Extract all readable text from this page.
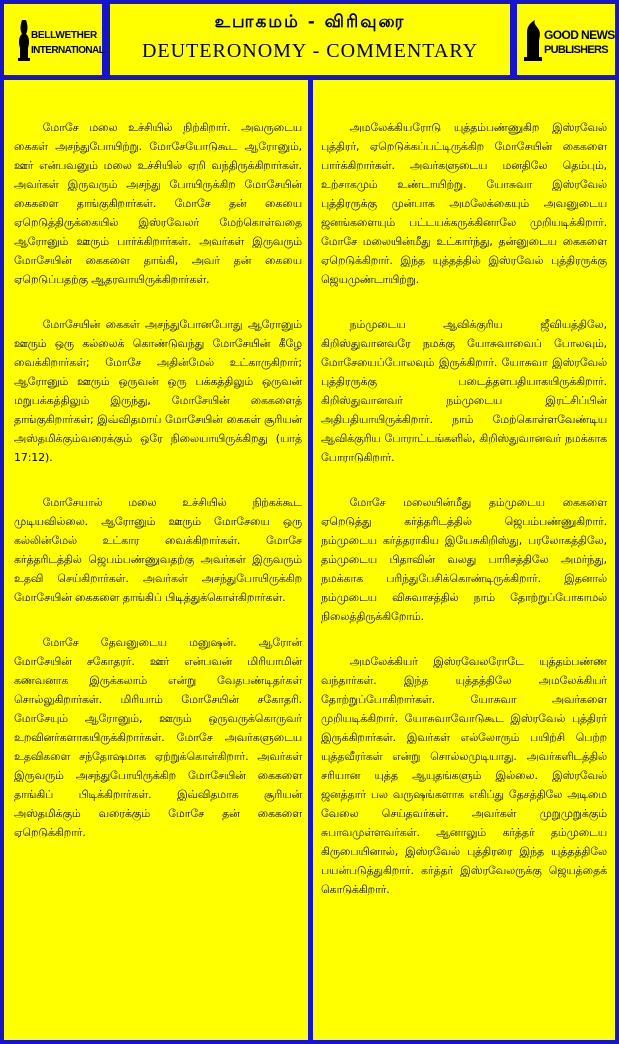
BELLWETHER
INTERNATIONAL
உபாகமம் - விரிவுரை
DEUTERONOMY - COMMENTARY
GOOD NEWS
PUBLISHERS

மோசே மலை உச்சியில் நிற்கிறார். அவருடைய கைகள் அசந்துபோயிற்று. மோசேயோடுகூட ஆரோனும், ஊர் என்பவனும் மலை உச்சியில் ஏறி வந்திருக்கிறார்கள். அவர்கள் இருவரும் அசந்து போயிருக்கிற மோசேயின் கைகளை தாங்குகிறார்கள். மோசே தன் கையை ஏறெடுத்திருக்கையில் இஸ்ரவேலர் மேற்கொள்வதை ஆரோனும் ஊரும் பார்க்கிறார்கள். அவர்கள் இருவரும் மோசேயின் கைகளை தாங்கி, அவர் தன் கையை ஏறெடுப்பதற்கு ஆதரவாயிருக்கிறார்கள்.

மோசேயின் கைகள் அசந்துபோனபோது ஆரோனும் ஊரும் ஒரு கல்லைக் கொண்டுவந்து மோசேயின் கீழே வைக்கிறார்கள்; மோசே அதின்மேல் உட்காருகிறார்; ஆரோனும் ஊரும் ஒருவன் ஒரு பக்கத்திலும் ஒருவன் மறுபக்கத்திலும் இருந்து, மோசேயின் கைகளைத் தாங்குகிறார்கள்; இவ்விதமாய் மோசேயின் கைகள் சூரியன் அஸ்தமிக்கும்வரைக்கும் ஒரே நிலையாயிருக்கிறது (யாத் 17:12).

மோசேயால் மலை உச்சியில் நிற்கக்கூட முடியவில்லை. ஆரோனும் ஊரும் மோசேயை ஒரு கல்லின்மேல் உட்கார வைக்கிறார்கள். மோசே கர்த்தரிடத்தில் ஜெபம்பண்ணுவதற்கு அவர்கள் இருவரும் உதவி செய்கிறார்கள். அவர்கள் அசந்துபோயிருக்கிற மோசேயின் கைகளை தாங்கிப் பிடித்துக்கொள்கிறார்கள்.

மோசே தேவனுடைய மனுஷன். ஆரோன் மோசேயின் சகோதரர். ஊர் என்பவன் மிரியாமின் கணவனாக இருக்கலாம் என்று வேதபண்டிதர்கள் சொல்லுகிறார்கள். மிரியாம் மோசேயின் சகோதரி. மோசேயும் ஆரோனும், ஊரும் ஒருவருக்கொருவர் உறவினர்களாகயிருக்கிறார்கள். மோசே அவர்களுடைய உதவிகளை சந்தோஷமாக ஏற்றுக்கொள்கிறார். அவர்கள் இருவரும் அசந்துபோயிருக்கிற மோசேயின் கைகளை தாங்கிப் பிடிக்கிறார்கள். இவ்விதமாக சூரியன் அஸ்தமிக்கும் வரைக்கும் மோசே தன் கைகளை ஏறெடுக்கிறார்.

அமலேக்கியரோடு யுத்தம்பண்ணுகிற இஸ்ரவேல் புத்திரர், ஏறெடுக்கப்பட்டிருக்கிற மோசேயின் கைகளை பார்க்கிறார்கள். அவர்களுடைய மனதிலே தெம்பும், உற்சாகமும் உண்டாயிற்று. யோசுவா இஸ்ரவேல் புத்திரருக்கு முன்பாக அமலேக்கையும் அவனுடைய ஜனங்களையும் பட்டயக்கருக்கினாலே முறியடிக்கிறார். மோசே மலையின்மீது உட்கார்ந்து, தன்னுடைய கைகளை ஏறெடுக்கிறார். இந்த யுத்தத்தில் இஸ்ரவேல் புத்திரருக்கு ஜெயமுண்டாயிற்று.

நம்முடைய ஆவிக்குரிய ஜீவியத்திலே, கிறிஸ்துவானவரே நமக்கு யோசுவாவைப் போலவும், மோசேயைப்போலவும் இருக்கிறார். யோசுவா இஸ்ரவேல் புத்திரருக்கு படைத்தளபதியாகயிருக்கிறார். கிறிஸ்துவானவர் நம்முடைய இரட்சிப்பின் அதிபதியாயிருக்கிறார். நாம் மேற்கொள்ளவேண்டிய ஆவிக்குரிய போராட்டங்களில், கிறிஸ்துவானவர் நமக்காக போராடுகிறார்.

மோசே மலையின்மீது தம்முடைய கைகளை ஏறெடுத்து கர்த்தரிடத்தில் ஜெபம்பண்ணுகிறார். நம்முடைய கர்த்தராகிய இயேசுகிறிஸ்து, பரலோகத்திலே, தம்முடைய பிதாவின் வலது பாரிசத்திலே அமர்ந்து, நமக்காக பரிந்துபேசிக்கொண்டிருக்கிறார். இதனால் நம்முடைய விசுவாசத்தில் நாம் தோற்றுப்போகாமல் நிலைத்திருக்கிறோம்.

அமலேக்கியர் இஸ்ரவேலரோடே யுத்தம்பண்ண வந்தார்கள். இந்த யுத்தத்திலே அமலேக்கியர் தோற்றுப்போகிறார்கள். யோசுவா அவர்களை முறியடிக்கிறார். யோசுவாவோடுகூட இஸ்ரவேல் புத்திரர் இருக்கிறார்கள். இவர்கள் எல்லோரும் பயிற்சி பெற்ற யுத்தவீரர்கள் என்று சொல்லமுடியாது. அவர்களிடத்தில் சரியான யுத்த ஆயுதங்களும் இல்லை. இஸ்ரவேல் ஜனத்தார் பல வருஷங்களாக எகிப்து தேசத்திலே அடிமை வேலை செய்தவர்கள். அவர்கள் முறுமுறுக்கும் சுபாவமுள்ளவர்கள். ஆனாலும் கர்த்தர் தம்முடைய கிருபையினால், இஸ்ரவேல் புத்திரரை இந்த யுத்தத்திலே பயன்படுத்துகிறார். கர்த்தர் இஸ்ரவேலருக்கு ஜெயத்தைக் கொடுக்கிறார்.
